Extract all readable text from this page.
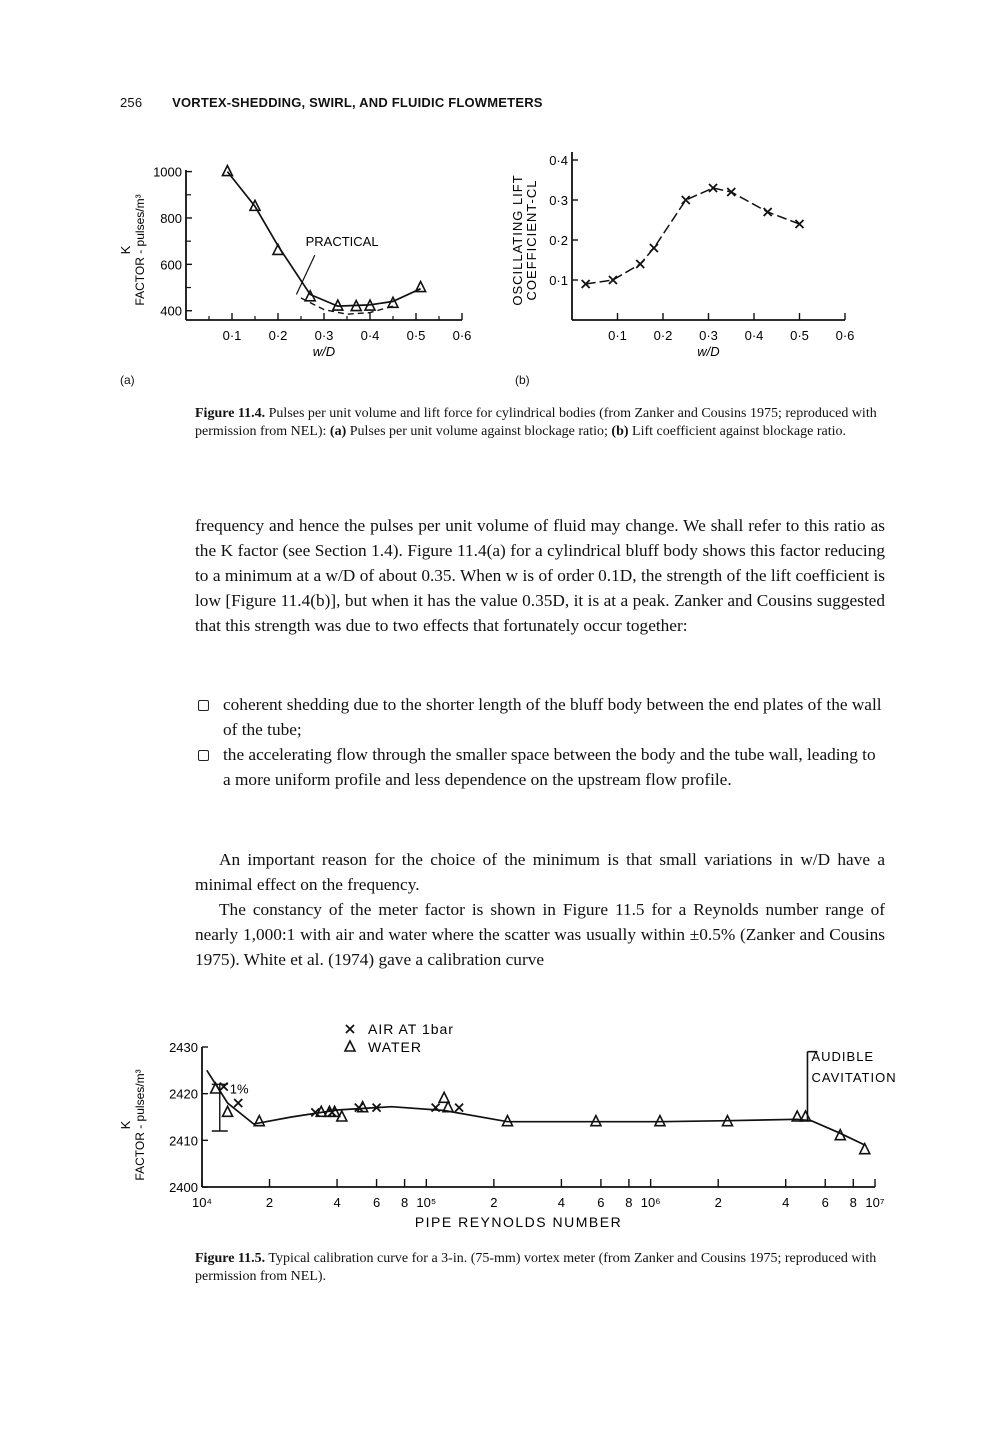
256 VORTEX-SHEDDING, SWIRL, AND FLUIDIC FLOWMETERS
400
600
800
1000
0·1 0·2 0·3 0·4 0·5 0·6
w/D
K FACTOR - pulses/m³	PRACTICAL
0·1
0·2
0·3
0·4
0·1 0·2 0·3 0·4 0·5 0·6
w/D
OSCILLATING LIFT COEFFICIENT-CL
(a)	(b)
Figure 11.4. Pulses per unit volume and lift force for cylindrical bodies (from Zanker and Cousins 1975; reproduced with permission from NEL): (a) Pulses per unit volume against blockage ratio; (b) Lift coefficient against blockage ratio.

frequency and hence the pulses per unit volume of fluid may change. We shall refer to this ratio as the K factor (see Section 1.4). Figure 11.4(a) for a cylindrical bluff body shows this factor reducing to a minimum at a w/D of about 0.35. When w is of order 0.1D, the strength of the lift coefficient is low [Figure 11.4(b)], but when it has the value 0.35D, it is at a peak. Zanker and Cousins suggested that this strength was due to two effects that fortunately occur together:

coherent shedding due to the shorter length of the bluff body between the end plates of the wall of the tube;
the accelerating flow through the smaller space between the body and the tube wall, leading to a more uniform profile and less dependence on the upstream flow profile.

An important reason for the choice of the minimum is that small variations in w/D have a minimal effect on the frequency.

The constancy of the meter factor is shown in Figure 11.5 for a Reynolds number range of nearly 1,000:1 with air and water where the scatter was usually within ±0.5% (Zanker and Cousins 1975). White et al. (1974) gave a calibration curve

2400
2410
2420
2430
10⁴	2	4 6 8 10⁵	2	4 6 8 10⁶	2	4 6 8 10⁷
PIPE REYNOLDS NUMBER
K FACTOR - pulses/m³
AIR AT 1bar
WATER
1%
AUDIBLE
CAVITATION
Figure 11.5. Typical calibration curve for a 3-in. (75-mm) vortex meter (from Zanker and Cousins 1975; reproduced with permission from NEL).
